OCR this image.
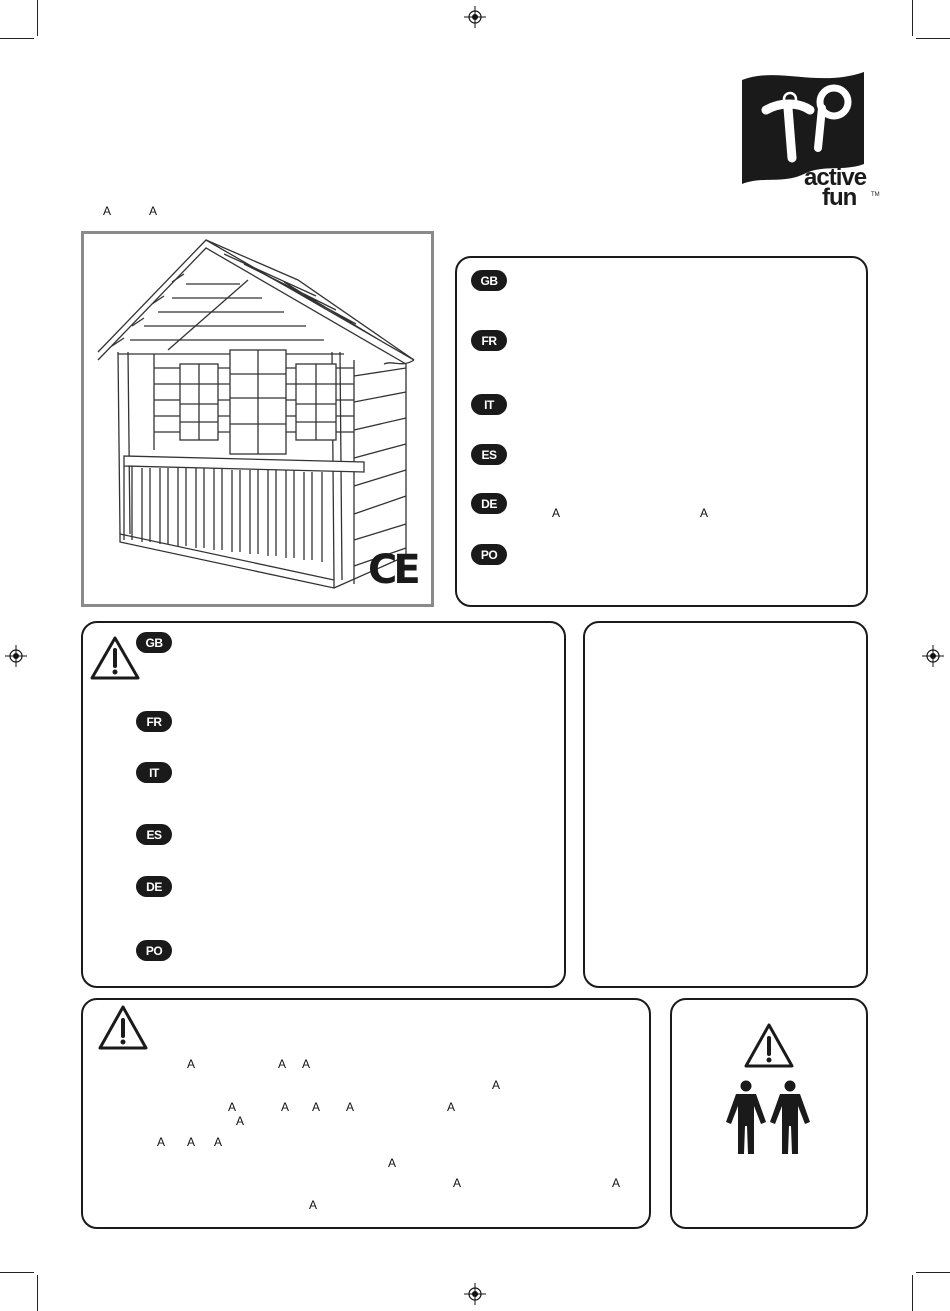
active
fun TM
A	A
CE
GB
FR
IT
ES
DE
A	A
PO
GB
FR
IT
ES
DE
PO
A	A A
A
A	A A A	A
A
A A A
A
A	A
A
